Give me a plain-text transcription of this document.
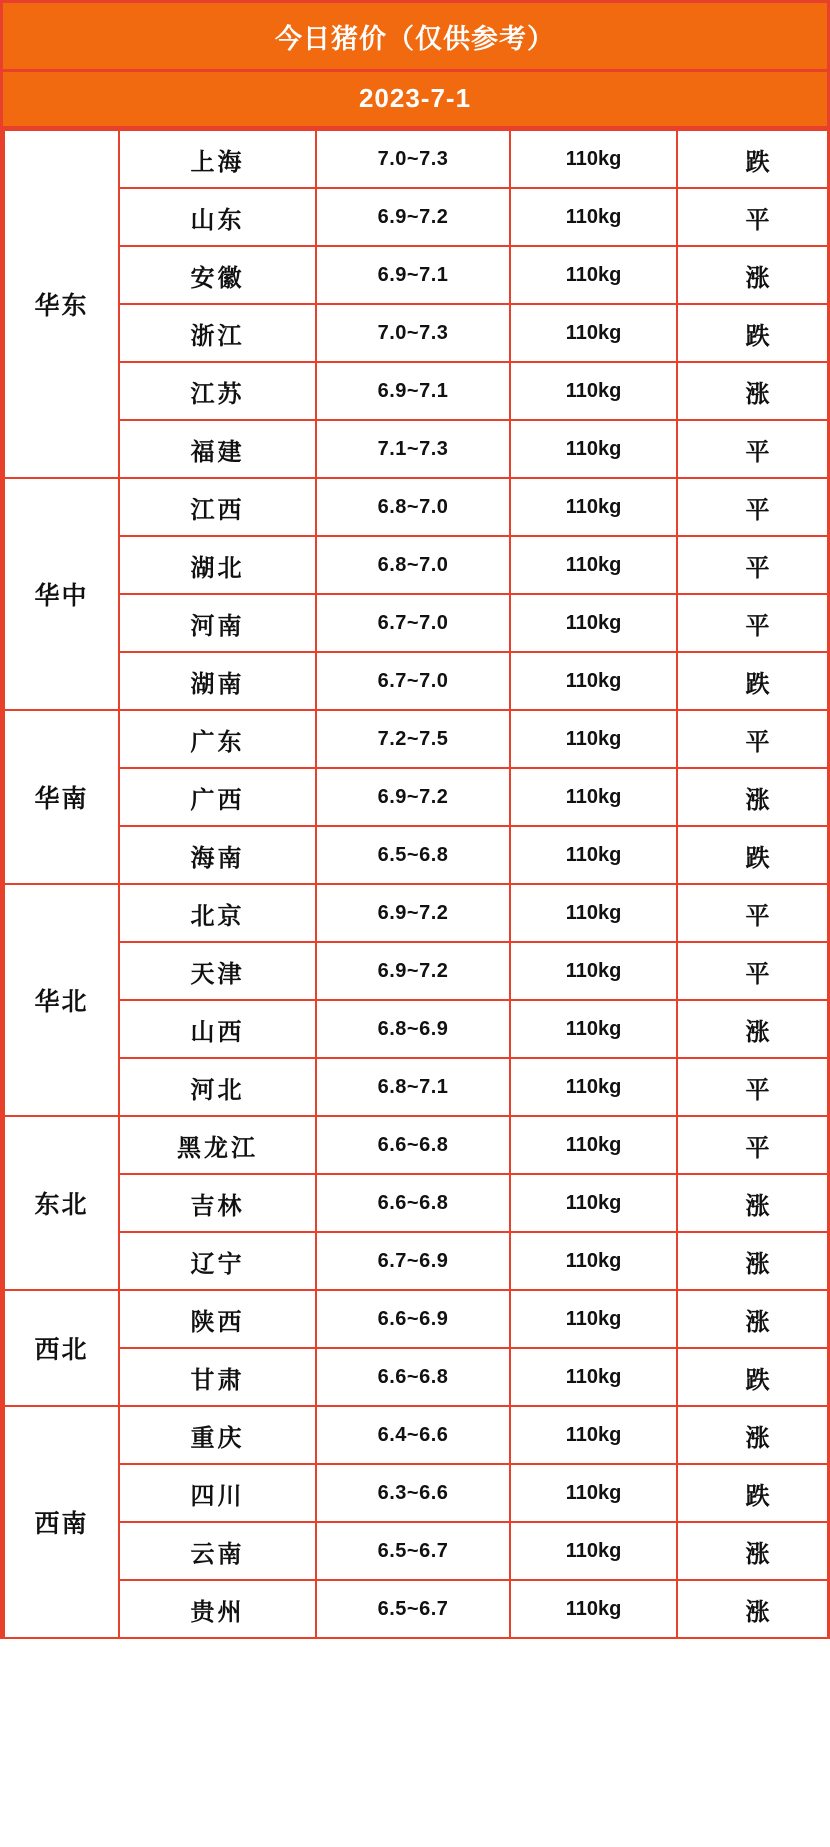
今日猪价（仅供参考）
2023-7-1
华东	上海	7.0~7.3	110kg	跌
	山东	6.9~7.2	110kg	平
	安徽	6.9~7.1	110kg	涨
	浙江	7.0~7.3	110kg	跌
	江苏	6.9~7.1	110kg	涨
	福建	7.1~7.3	110kg	平
华中	江西	6.8~7.0	110kg	平
	湖北	6.8~7.0	110kg	平
	河南	6.7~7.0	110kg	平
	湖南	6.7~7.0	110kg	跌
华南	广东	7.2~7.5	110kg	平
	广西	6.9~7.2	110kg	涨
	海南	6.5~6.8	110kg	跌
华北	北京	6.9~7.2	110kg	平
	天津	6.9~7.2	110kg	平
	山西	6.8~6.9	110kg	涨
	河北	6.8~7.1	110kg	平
东北	黑龙江	6.6~6.8	110kg	平
	吉林	6.6~6.8	110kg	涨
	辽宁	6.7~6.9	110kg	涨
西北	陕西	6.6~6.9	110kg	涨
	甘肃	6.6~6.8	110kg	跌
西南	重庆	6.4~6.6	110kg	涨
	四川	6.3~6.6	110kg	跌
	云南	6.5~6.7	110kg	涨
	贵州	6.5~6.7	110kg	涨
